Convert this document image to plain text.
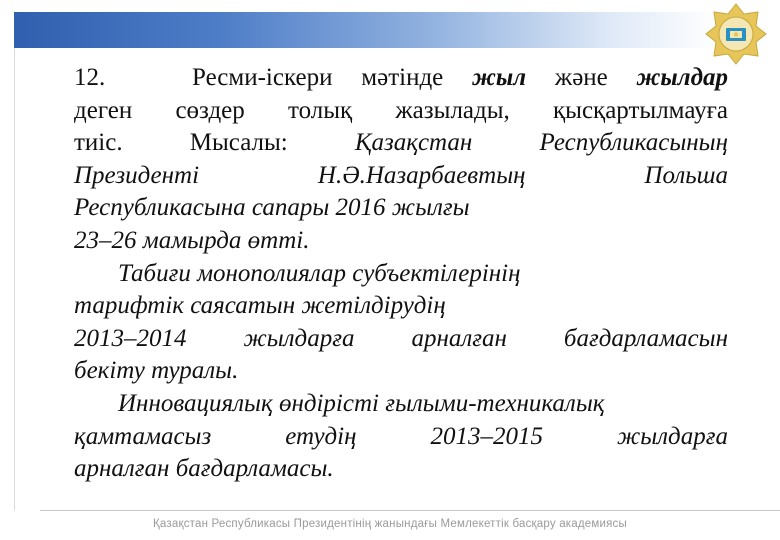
12.	Ресми-іскери мәтінде жыл және жылдар
деген сөздер толық жазылады, қысқартылмауға
тиіс.	Мысалы:	Қазақстан	Республикасының
Президенті	Н.Ә.Назарбаевтың	Польша
Республикасына сапары 2016 жылғы
23–26 мамырда өтті.
Табиғи монополиялар субъектілерінің
тарифтік саясатын жетілдірудің
2013–2014 жылдарға арналған бағдарламасын
бекіту туралы.
Инновациялық өндірісті ғылыми-техникалық
қамтамасыз	етудің	2013–2015	жылдарға
арналған бағдарламасы.
Қазақстан Республикасы Президентінің жанындағы Мемлекеттік басқару академиясы
